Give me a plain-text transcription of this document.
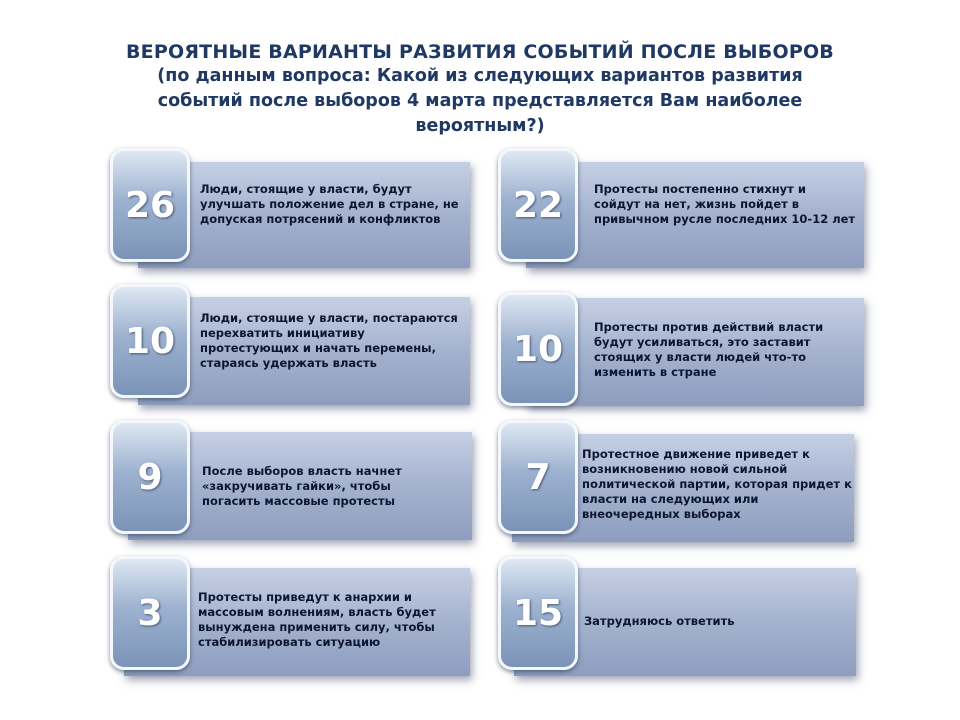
ВЕРОЯТНЫЕ ВАРИАНТЫ РАЗВИТИЯ СОБЫТИЙ ПОСЛЕ ВЫБОРОВ
(по данным вопроса: Какой из следующих вариантов развития
событий после выборов 4 марта представляется Вам наиболее
вероятным?)
26 Люди, стоящие у власти, будут улучшать положение дел в стране, не допуская потрясений и конфликтов	22	Протесты постепенно стихнут и сойдут на нет, жизнь пойдет в привычном русле последних 10-12 лет
10
Люди, стоящие у власти, постараются перехватить инициативу протестующих и начать перемены, стараясь удержать власть	10
Протесты против действий власти будут усиливаться, это заставит стоящих у власти людей что-то изменить в стране
9	После выборов власть начнет «закручивать гайки», чтобы погасить массовые протесты
7
Протестное движение приведет к возникновению новой сильной политической партии, которая придет к власти на следующих или внеочередных выборах
3	Протесты приведут к анархии и массовым волнениям, власть будет вынуждена применить силу, чтобы стабилизировать ситуацию
15 Затрудняюсь ответить
